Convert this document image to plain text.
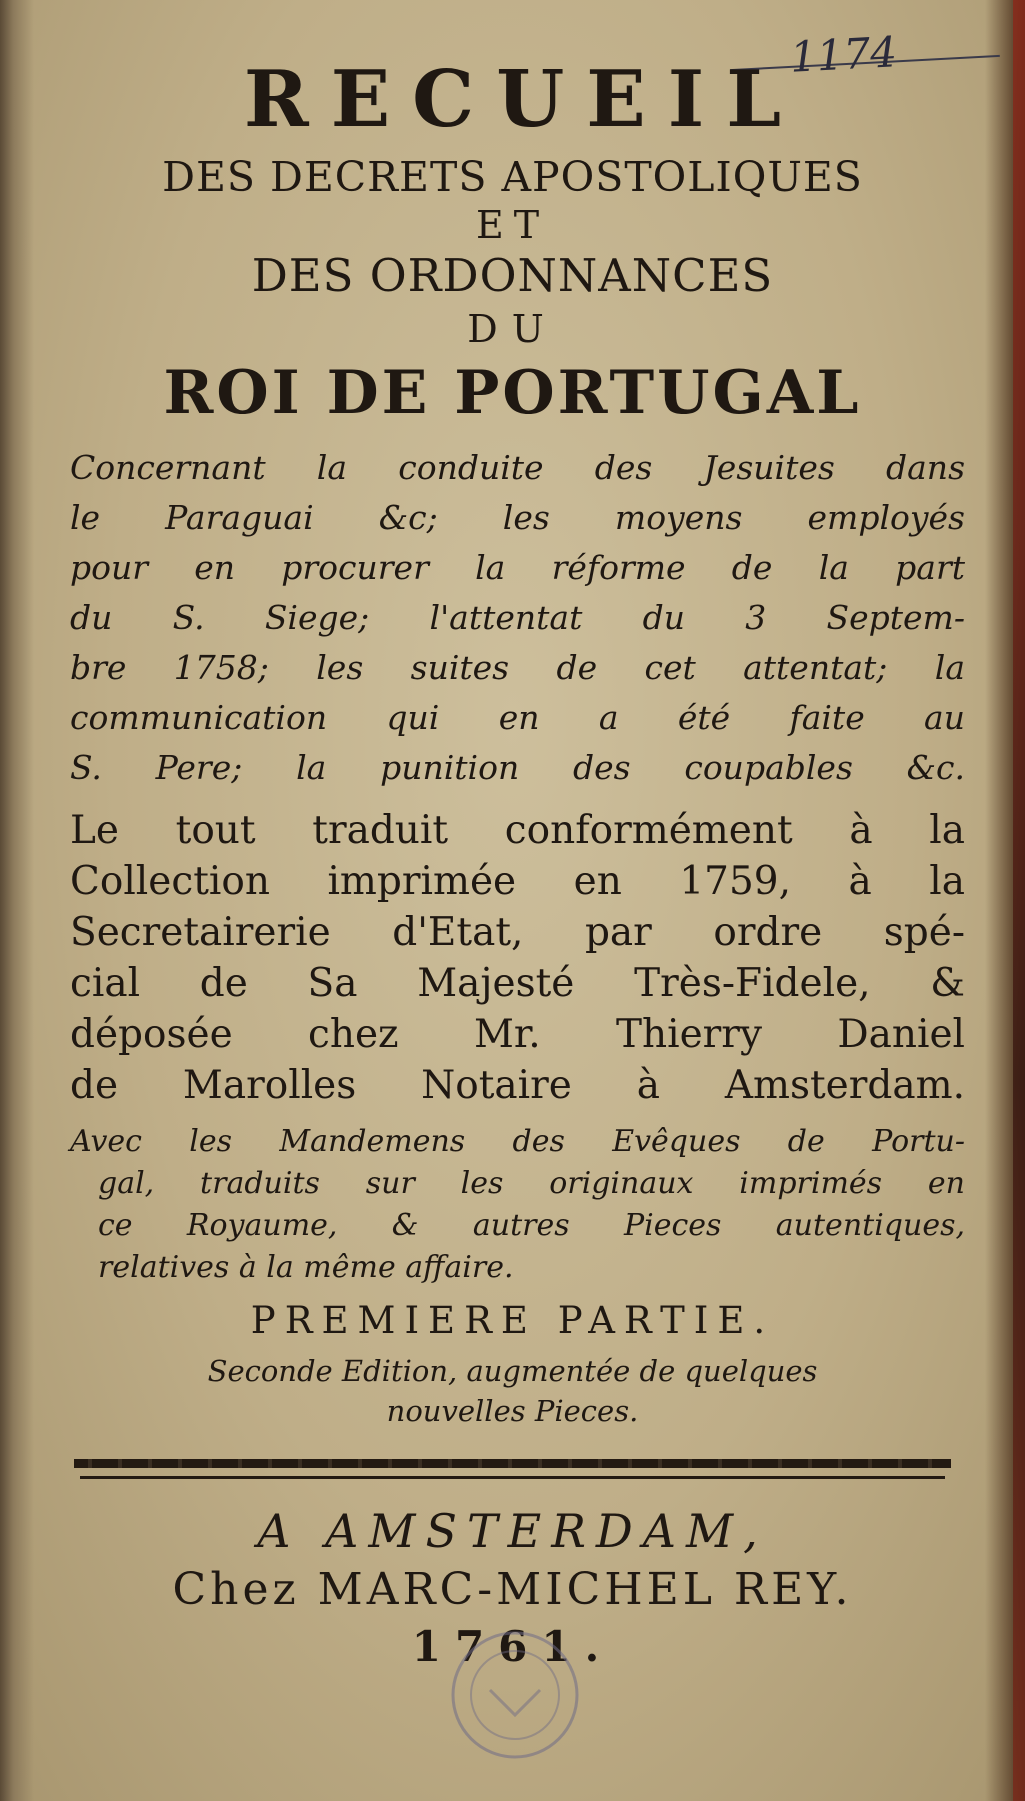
1174
RECUEIL
DES DECRETS APOSTOLIQUES
ET
DES ORDONNANCES
DU
ROI DE PORTUGAL
Concernant la conduite des Jesuites dans
le Paraguai &c; les moyens employés
pour en procurer la réforme de la part
du S. Siege; l'attentat du 3 Septem-
bre 1758; les suites de cet attentat; la
communication qui en a été faite au
S. Pere; la punition des coupables &c.
Le tout traduit conformément à la
Collection imprimée en 1759, à la
Secretairerie d'Etat, par ordre spé-
cial de Sa Majesté Très-Fidele, &
déposée chez Mr. Thierry Daniel
de Marolles Notaire à Amsterdam.
Avec les Mandemens des Evêques de Portu-
gal, traduits sur les originaux imprimés en
ce Royaume, & autres Pieces autentiques,
relatives à la même affaire.
PREMIERE PARTIE.
Seconde Edition, augmentée de quelques
nouvelles Pieces.
A AMSTERDAM,
Chez MARC-MICHEL REY.
1761.
